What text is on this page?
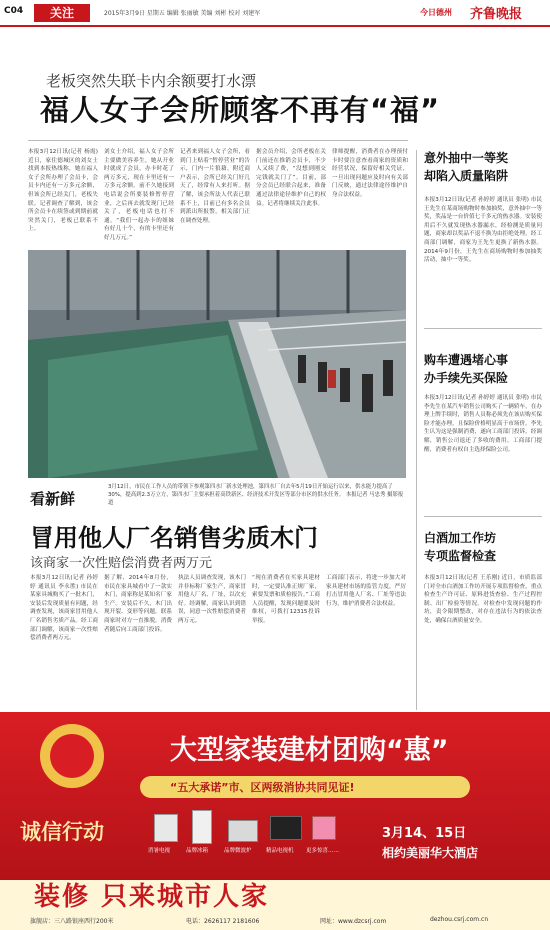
C04	关注	2015年3月9日 星期五 编辑 张丽敏 美编 刘彬 校对 刘建军	今日德州 齐鲁晚报
老板突然失联卡内余额要打水漂
福人女子会所顾客不再有“福”
本报3月12日讯(记者 杨霞) 近日，家住德城区的刘女士找到本报热线称，她在福人女子会所办理了会员卡，会员卡内还有一万多元余额，但该会所已经关门，老板失联。记者调查了解到，该会所会员卡在续签或到期前就突然关门，老板已联系不上。
刘女士介绍，福人女子会所主要做美容养生，她从开业时就成了会员，办卡时花了两万多元，现在卡里还有一万多元余额。前不久她接到电话说会所要装修暂停营业，之后再去就发现门已经关了，老板电话也打不通。“我们一起办卡的姐妹有好几十个，有的卡里还有好几万元。”
记者来到福人女子会所，看到门上贴着“暂停营业”的告示，门内一片狼藉。附近商户表示，会所已经关门好几天了，经常有人来打听。据了解，该会所法人代表已联系不上，目前已有多名会员到派出所报警，相关部门正在调查处理。
据会员介绍，会所老板在关门前还在推销会员卡，不少人又续了费，“没想到刚交完钱就关门了”。目前，部分会员已经联合起来，准备通过法律途径维护自己的权益。记者将继续关注此事。
律师提醒，消费者在办理预付卡时要注意查看商家的资质和经营状况，保留好相关凭证，一旦出现问题应及时向有关部门反映，通过法律途径维护自身合法权益。
看新鲜
3月12日，市民在工作人员的带领下参观第四水厂新水处理池，第四水厂自去年5月19日开始运行以来，供水能力提高了30%，提高到2.3万立方，第四水厂主要承担着高铁新区、经济技术开发区等部分市区的供水任务。 本报记者 马忠秀 摄影报道
冒用他人厂名销售劣质木门
该商家一次性赔偿消费者两万元
本报3月12日讯(记者 孙婷婷 通讯员 李永胜) 市民在某家具城购买了一批木门，安装后发现质量有问题，经调查发现，该商家冒用他人厂名销售劣质产品。经工商部门调解，该商家一次性赔偿消费者两万元。
据了解，2014年8月份，市民在家具城看中了一款实木门，商家称是某知名厂家生产。安装后不久，木门出现开裂、变形等问题，联系商家时对方一直推脱。消费者随后向工商部门投诉。
执法人员调查发现，该木门并非标称厂家生产，商家冒用他人厂名、厂址，以次充好。经调解，商家认识到错误，同意一次性赔偿消费者两万元。
“现在消费者在买家具建材时，一定要认准正规厂家，索要发票和质检报告。”工商人员提醒，发现问题要及时维权，可拨打12315投诉举报。
工商部门表示，将进一步加大对家具建材市场的监管力度，严厉打击冒用他人厂名、厂址等违法行为，维护消费者合法权益。
意外抽中一等奖
却陷入质量陷阱
本报3月12日讯(记者 孙婷婷 通讯员 张明) 市民王先生在某商场购物时参加抽奖，意外抽中一等奖，奖品是一台价值七千多元的热水器。安装使用后不久就发现热水器漏水，经检测是质量问题，商家却以奖品不退不换为由拒绝处理。经工商部门调解，商家为王先生更换了新热水器。2014年9月份，王先生在商场购物时参加抽奖活动，抽中一等奖。
购车遭遇堵心事
办手续先买保险
本报3月12日讯(记者 孙婷婷 通讯员 张明) 市民李先生在某汽车销售公司购买了一辆轿车，在办理上牌手续时，销售人员称必须先在该店购买保险才能办理，且保险价格明显高于市场价。李先生认为这是强制消费，遂向工商部门投诉。经调解，销售公司退还了多收的费用。工商部门提醒，消费者有权自主选择保险公司。
白酒加工作坊
专项监督检查
本报3月12日讯(记者 王乐刚) 近日，市质监部门对全市白酒加工作坊开展专项监督检查，重点检查生产许可证、原料进货查验、生产过程控制、出厂检验等情况。对检查中发现问题的作坊，责令限期整改，对存在违法行为的依法查处，确保白酒质量安全。
诚信行动
大型家装建材团购“惠”
“五大承诺”市、区两级消协共同见证!
消暑电视	品牌冰箱	品牌微波炉	精品电视机 更多惊喜……
3月14、15日
相约美丽华大酒店
装修 只来城市人家
旗舰店：三八路银座西行200米	电话：2626117 2181606	网址：www.dzcsrj.com	dezhou.csrj.com.cn
